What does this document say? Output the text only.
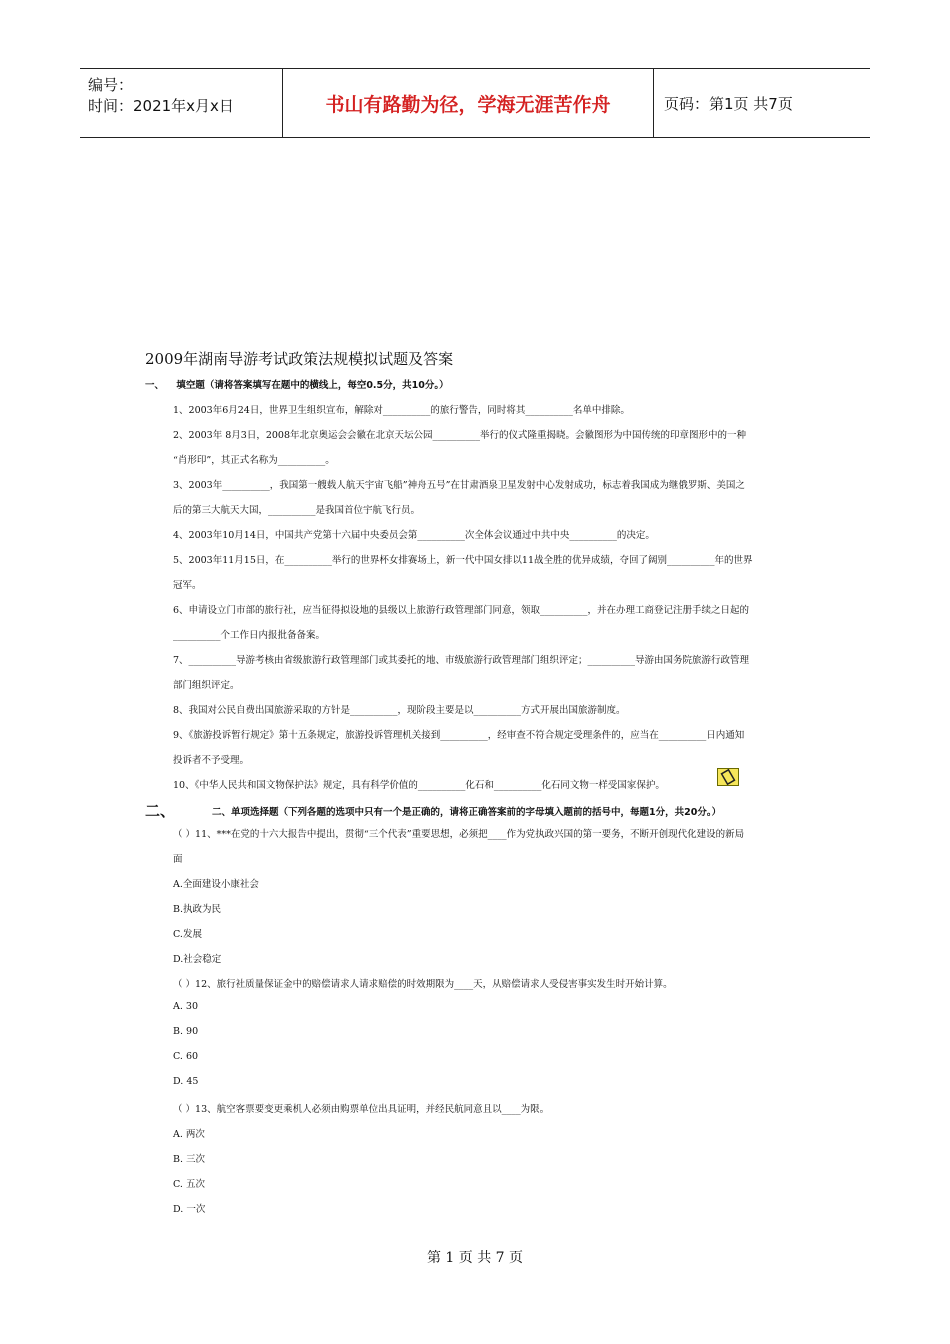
编号：
时间：2021年x月x日	书山有路勤为径，学海无涯苦作舟	页码：第1页 共7页
2009年湖南导游考试政策法规模拟试题及答案
一、 填空题（请将答案填写在题中的横线上，每空0.5分，共10分。）
1、2003年6月24日，世界卫生组织宣布，解除对__________的旅行警告，同时将其__________名单中排除。
2、2003年 8月3日，2008年北京奥运会会徽在北京天坛公园__________举行的仪式隆重揭晓。会徽图形为中国传统的印章图形中的一种
“肖形印”，其正式名称为__________。
3、2003年__________，我国第一艘载人航天宇宙飞船”神舟五号”在甘肃酒泉卫星发射中心发射成功，标志着我国成为继俄罗斯、美国之
后的第三大航天大国，__________是我国首位宇航飞行员。
4、2003年10月14日，中国共产党第十六届中央委员会第__________次全体会议通过中共中央__________的决定。
5、2003年11月15日，在__________举行的世界杯女排赛场上，新一代中国女排以11战全胜的优异成绩，夺回了阔别__________年的世界
冠军。
6、申请设立门市部的旅行社，应当征得拟设地的县级以上旅游行政管理部门同意，领取__________，并在办理工商登记注册手续之日起的
__________个工作日内报批备备案。
7、__________导游考核由省级旅游行政管理部门或其委托的地、市级旅游行政管理部门组织评定；__________导游由国务院旅游行政管理
部门组织评定。
8、我国对公民自费出国旅游采取的方针是__________，现阶段主要是以__________方式开展出国旅游制度。
9、《旅游投诉暂行规定》第十五条规定，旅游投诉管理机关接到__________，经审查不符合规定受理条件的，应当在__________日内通知
投诉者不予受理。
10、《中华人民共和国文物保护法》规定，具有科学价值的__________化石和__________化石同文物一样受国家保护。
二、	二、单项选择题（下列各题的选项中只有一个是正确的，请将正确答案前的字母填入题前的括号中，每题1分，共20分。）
（ ）11、***在党的十六大报告中提出，贯彻“三个代表”重要思想，必须把____作为党执政兴国的第一要务，不断开创现代化建设的新局
面
A.全面建设小康社会
B.执政为民
C.发展
D.社会稳定
（ ）12、旅行社质量保证金中的赔偿请求人请求赔偿的时效期限为____天，从赔偿请求人受侵害事实发生时开始计算。
A. 30
B. 90
C. 60
D. 45
（ ）13、航空客票要变更乘机人必须由购票单位出具证明，并经民航同意且以____为限。
A. 两次
B. 三次
C. 五次
D. 一次
第 1 页 共 7 页
